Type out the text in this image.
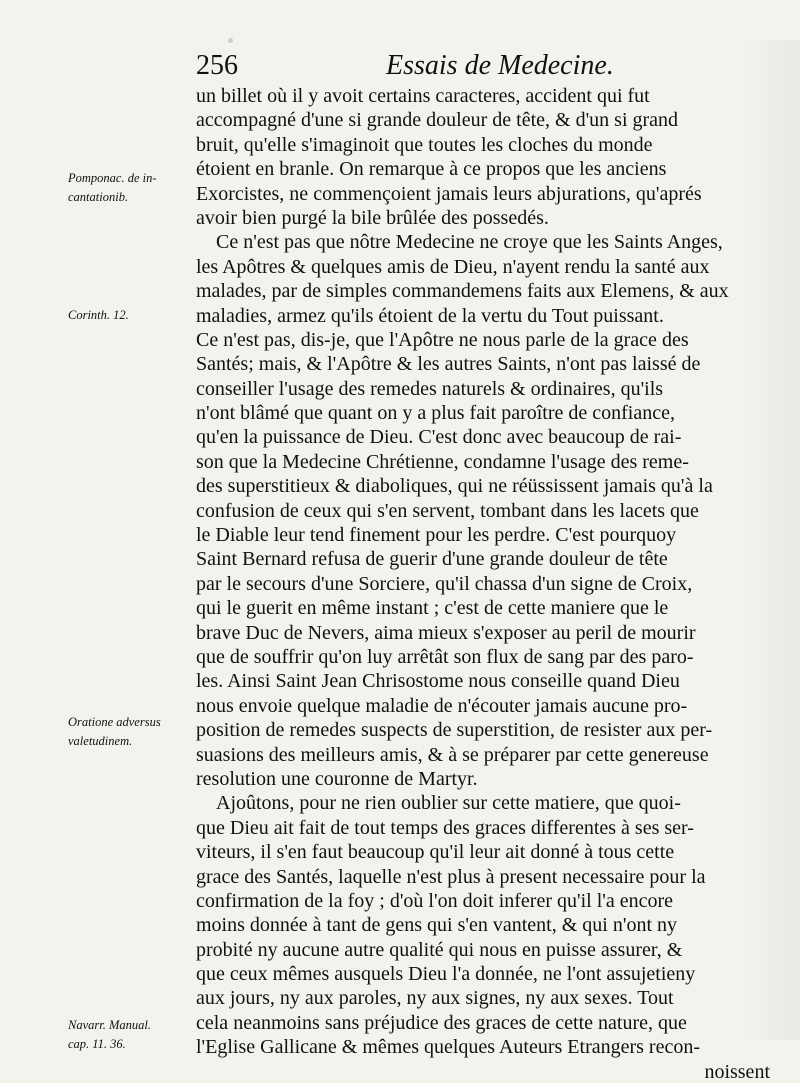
256	Essais de Medecine.
Pomponac. de in-
cantationib.
Corinth. 12.
Oratione adversus
valetudinem.
Navarr. Manual.
cap. 11. 36.
un billet où il y avoit certains caracteres, accident qui fut
accompagné d'une si grande douleur de tête, & d'un si grand
bruit, qu'elle s'imaginoit que toutes les cloches du monde
étoient en branle. On remarque à ce propos que les anciens
Exorcistes, ne commençoient jamais leurs abjurations, qu'aprés
avoir bien purgé la bile brûlée des possedés.
Ce n'est pas que nôtre Medecine ne croye que les Saints Anges,
les Apôtres & quelques amis de Dieu, n'ayent rendu la santé aux
malades, par de simples commandemens faits aux Elemens, & aux
maladies, armez qu'ils étoient de la vertu du Tout puissant.
Ce n'est pas, dis-je, que l'Apôtre ne nous parle de la grace des
Santés; mais, & l'Apôtre & les autres Saints, n'ont pas laissé de
conseiller l'usage des remedes naturels & ordinaires, qu'ils
n'ont blâmé que quant on y a plus fait paroître de confiance,
qu'en la puissance de Dieu. C'est donc avec beaucoup de rai-
son que la Medecine Chrétienne, condamne l'usage des reme-
des superstitieux & diaboliques, qui ne réüssissent jamais qu'à la
confusion de ceux qui s'en servent, tombant dans les lacets que
le Diable leur tend finement pour les perdre. C'est pourquoy
Saint Bernard refusa de guerir d'une grande douleur de tête
par le secours d'une Sorciere, qu'il chassa d'un signe de Croix,
qui le guerit en même instant ; c'est de cette maniere que le
brave Duc de Nevers, aima mieux s'exposer au peril de mourir
que de souffrir qu'on luy arrêtât son flux de sang par des paro-
les. Ainsi Saint Jean Chrisostome nous conseille quand Dieu
nous envoie quelque maladie de n'écouter jamais aucune pro-
position de remedes suspects de superstition, de resister aux per-
suasions des meilleurs amis, & à se préparer par cette genereuse
resolution une couronne de Martyr.
Ajoûtons, pour ne rien oublier sur cette matiere, que quoi-
que Dieu ait fait de tout temps des graces differentes à ses ser-
viteurs, il s'en faut beaucoup qu'il leur ait donné à tous cette
grace des Santés, laquelle n'est plus à present necessaire pour la
confirmation de la foy ; d'où l'on doit inferer qu'il l'a encore
moins donnée à tant de gens qui s'en vantent, & qui n'ont ny
probité ny aucune autre qualité qui nous en puisse assurer, &
que ceux mêmes ausquels Dieu l'a donnée, ne l'ont assujetieny
aux jours, ny aux paroles, ny aux signes, ny aux sexes. Tout
cela neanmoins sans préjudice des graces de cette nature, que
l'Eglise Gallicane & mêmes quelques Auteurs Etrangers recon-
noissent
